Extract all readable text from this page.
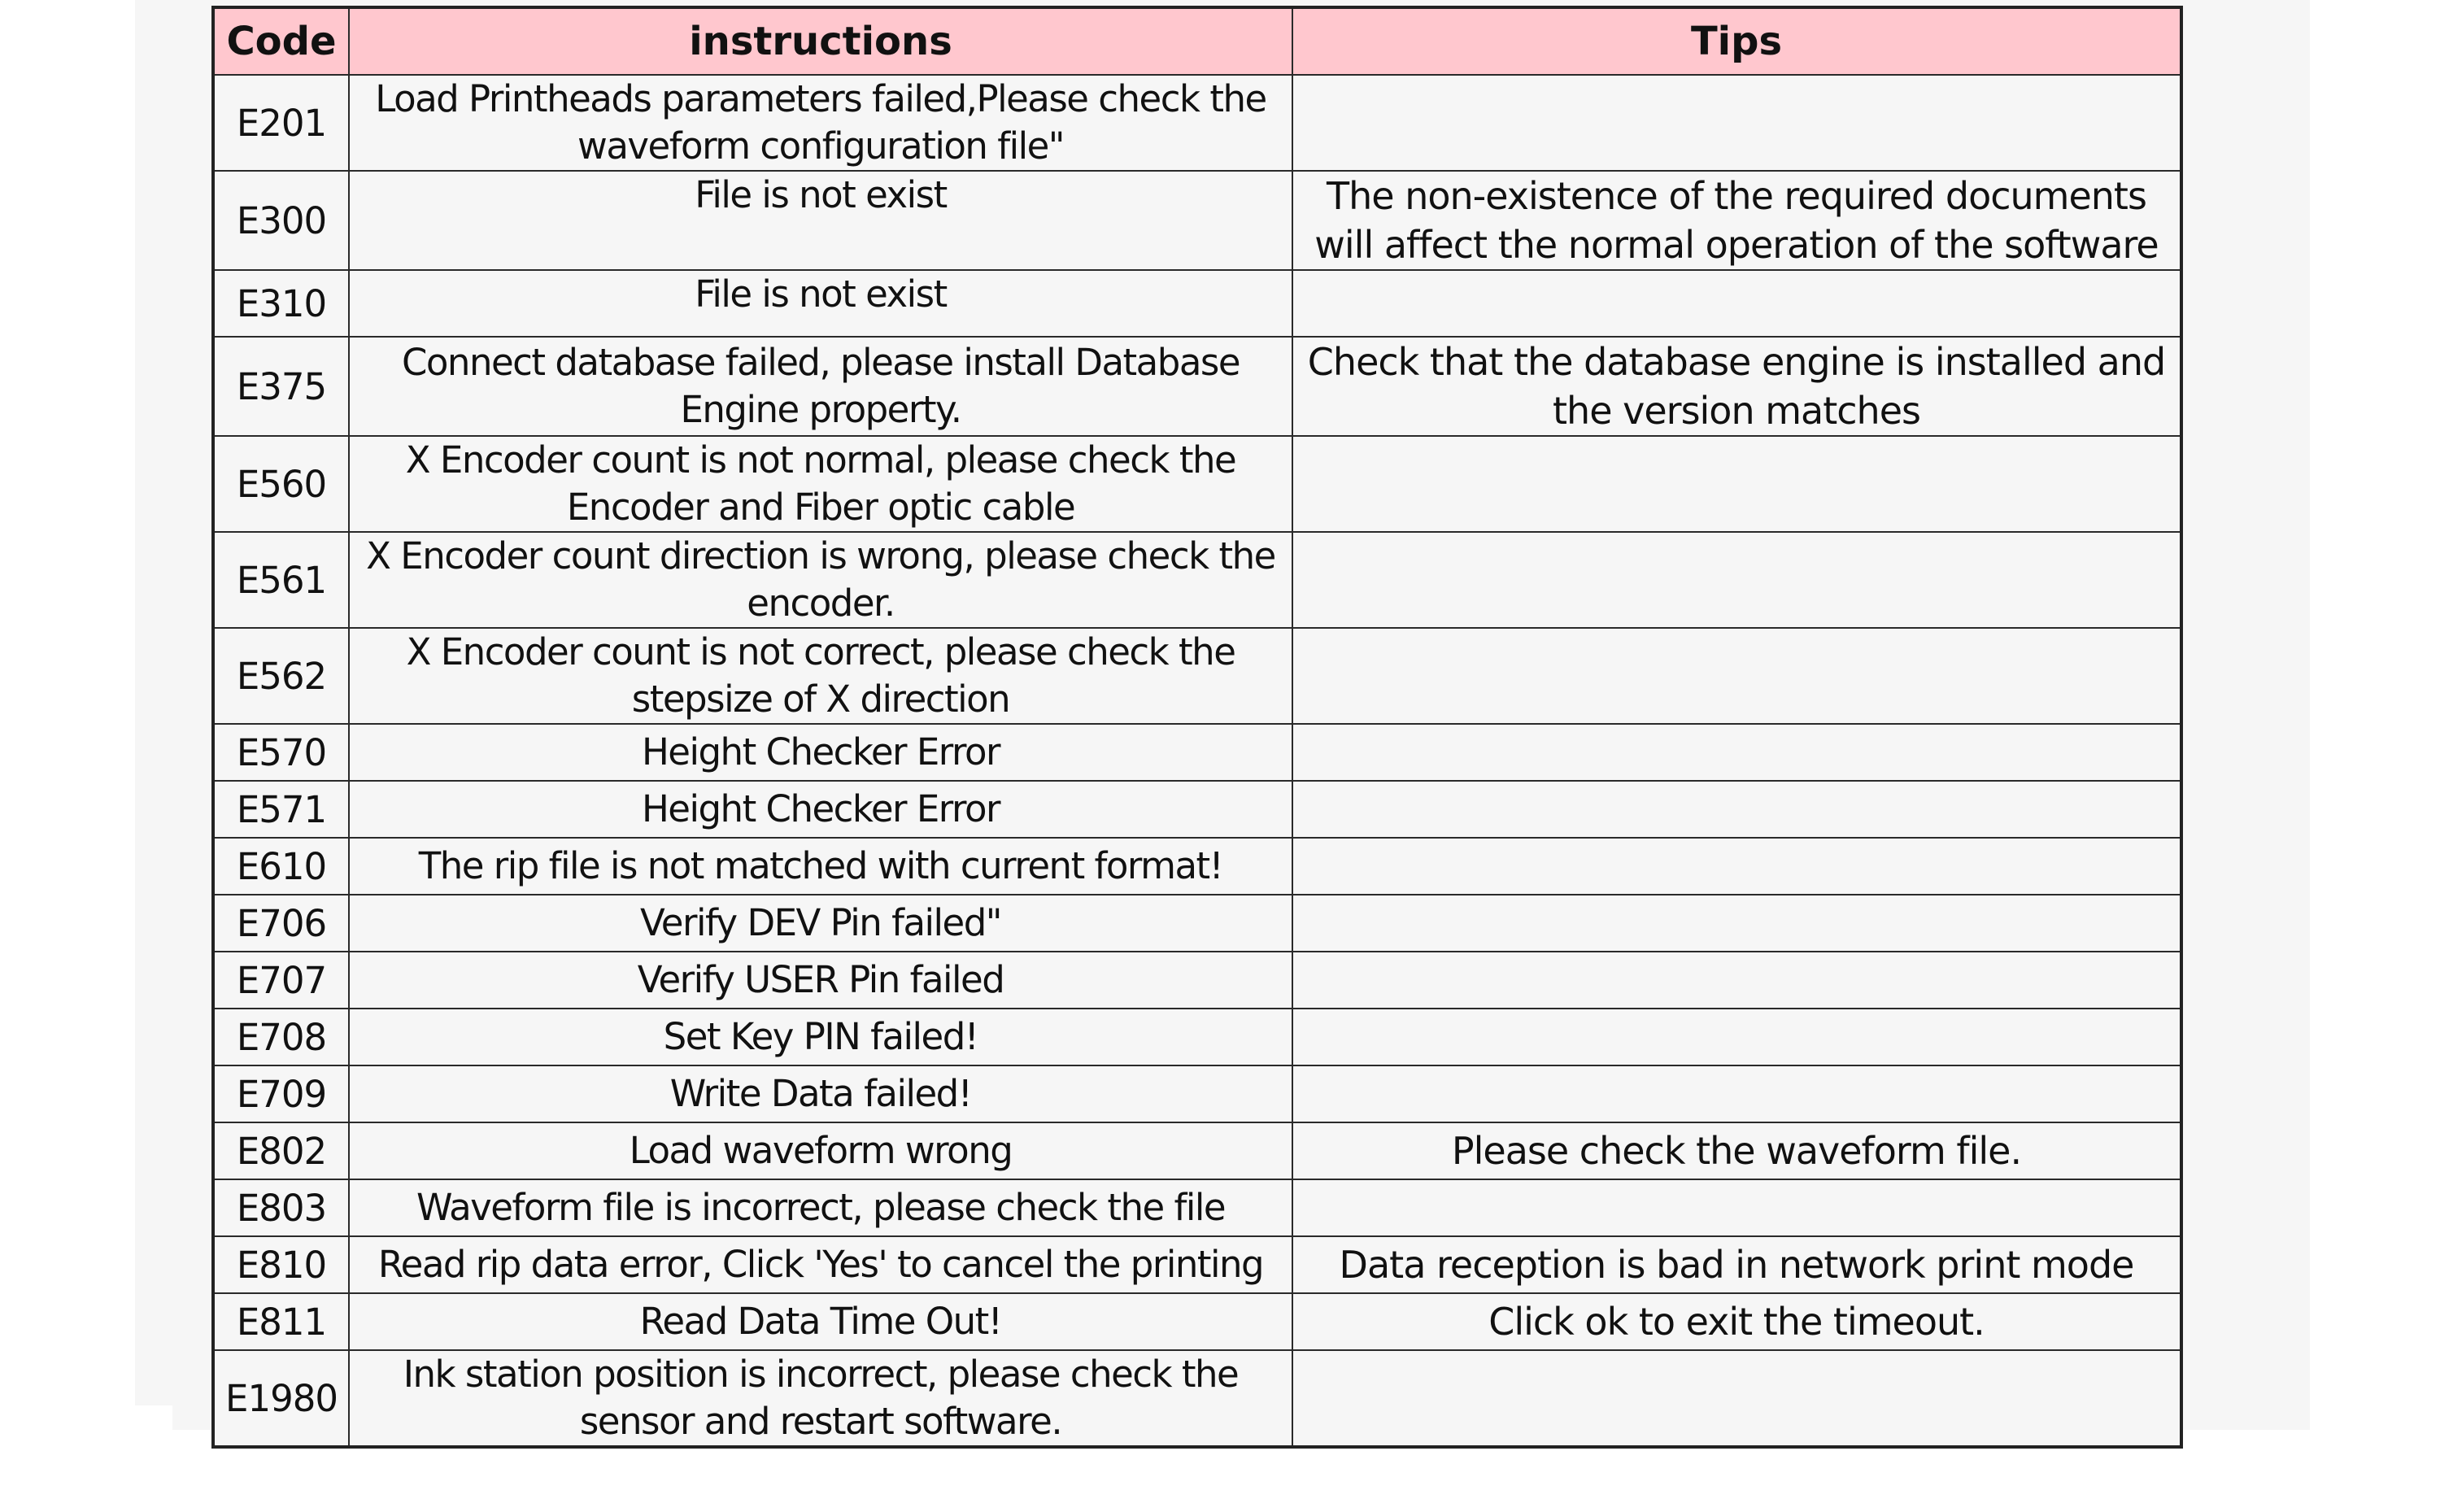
Code	instructions	Tips
E201	Load Printheads parameters failed,Please check the waveform configuration file"	
E300	File is not exist	The non-existence of the required documents will affect the normal operation of the software
E310	File is not exist	
E375	Connect database failed, please install Database Engine property.	Check that the database engine is installed and the version matches
E560	X Encoder count is not normal, please check the Encoder and Fiber optic cable	
E561	X Encoder count direction is wrong, please check the encoder.	
E562	X Encoder count is not correct, please check the stepsize of X direction	
E570	Height Checker Error	
E571	Height Checker Error	
E610	The rip file is not matched with current format!	
E706	Verify DEV Pin failed"	
E707	Verify USER Pin failed	
E708	Set Key PIN failed!	
E709	Write Data failed!	
E802	Load waveform wrong	Please check the waveform file.
E803	Waveform file is incorrect, please check the file	
E810	Read rip data error, Click 'Yes' to cancel the printing	Data reception is bad in network print mode
E811	Read Data Time Out!	Click ok to exit the timeout.
E1980	Ink station position is incorrect, please check the sensor and restart software.	
